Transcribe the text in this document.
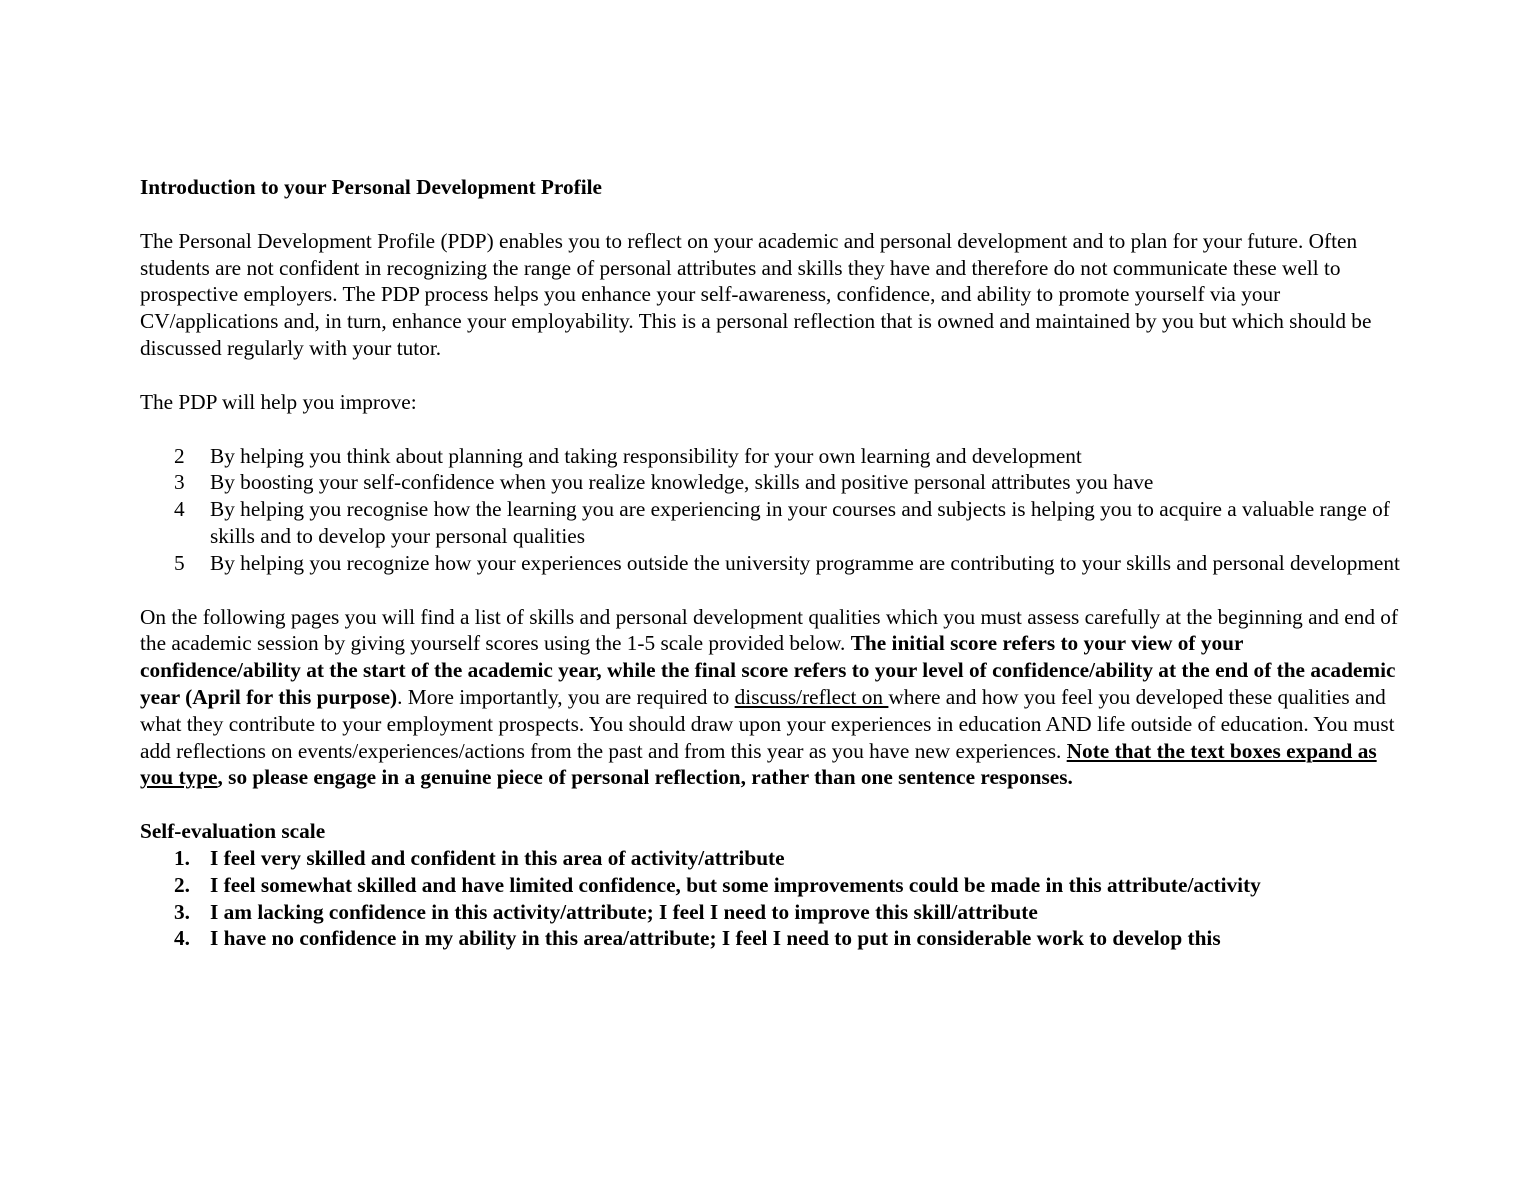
Introduction to your Personal Development Profile

The Personal Development Profile (PDP) enables you to reflect on your academic and personal development and to plan for your future. Often students are not confident in recognizing the range of personal attributes and skills they have and therefore do not communicate these well to prospective employers. The PDP process helps you enhance your self-awareness, confidence, and ability to promote yourself via your CV/applications and, in turn, enhance your employability. This is a personal reflection that is owned and maintained by you but which should be discussed regularly with your tutor.

The PDP will help you improve:

2 By helping you think about planning and taking responsibility for your own learning and development
3 By boosting your self-confidence when you realize knowledge, skills and positive personal attributes you have
4 By helping you recognise how the learning you are experiencing in your courses and subjects is helping you to acquire a valuable range of skills and to develop your personal qualities
5 By helping you recognize how your experiences outside the university programme are contributing to your skills and personal development

On the following pages you will find a list of skills and personal development qualities which you must assess carefully at the beginning and end of the academic session by giving yourself scores using the 1-5 scale provided below. The initial score refers to your view of your confidence/ability at the start of the academic year, while the final score refers to your level of confidence/ability at the end of the academic year (April for this purpose). More importantly, you are required to discuss/reflect on where and how you feel you developed these qualities and what they contribute to your employment prospects. You should draw upon your experiences in education AND life outside of education. You must add reflections on events/experiences/actions from the past and from this year as you have new experiences. Note that the text boxes expand as you type, so please engage in a genuine piece of personal reflection, rather than one sentence responses.

Self-evaluation scale

1. I feel very skilled and confident in this area of activity/attribute
2. I feel somewhat skilled and have limited confidence, but some improvements could be made in this attribute/activity
3. I am lacking confidence in this activity/attribute; I feel I need to improve this skill/attribute
4. I have no confidence in my ability in this area/attribute; I feel I need to put in considerable work to develop this
